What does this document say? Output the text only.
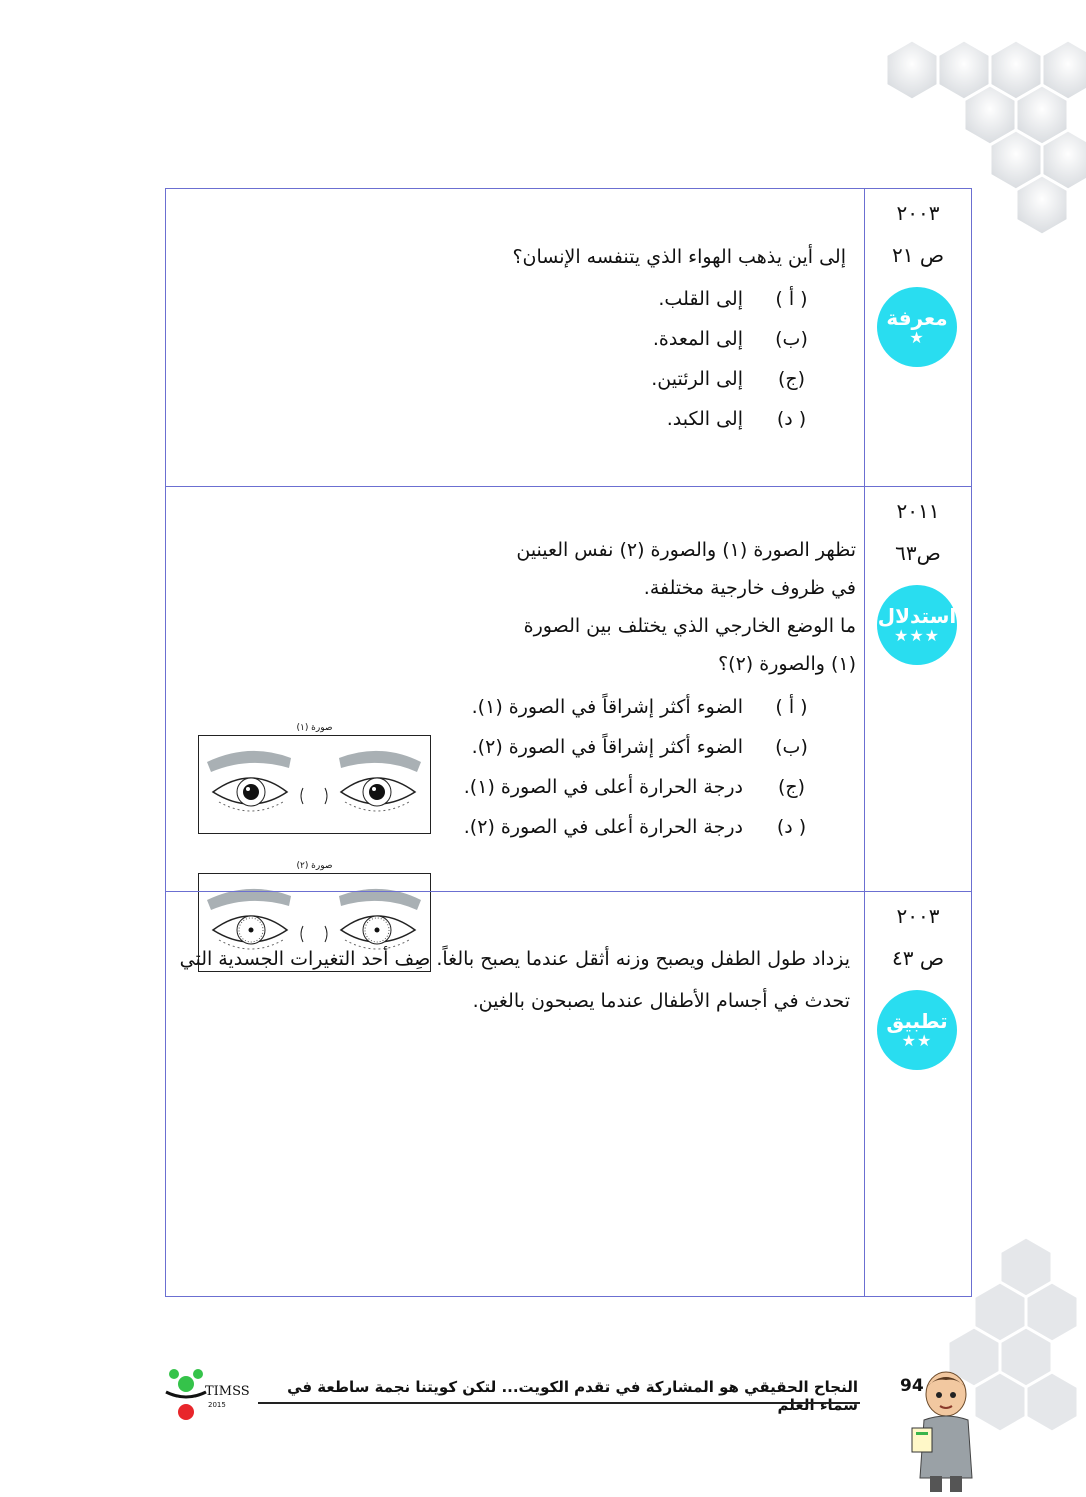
٢٠٠٣
ص ٢١
معرفة
★
إلى أين يذهب الهواء الذي يتنفسه الإنسان؟
( أ )
إلى القلب.
(ب)
إلى المعدة.
(ج)
إلى الرئتين.
( د)
إلى الكبد.
٢٠١١
ص٦٣
استدلال
★★★
تظهر الصورة (١) والصورة (٢) نفس العينين
في ظروف خارجية مختلفة.
ما الوضع الخارجي الذي يختلف بين الصورة
(١) والصورة (٢)؟
( أ )
الضوء أكثر إشراقاً في الصورة (١).
(ب)
الضوء أكثر إشراقاً في الصورة (٢).
(ج)
درجة الحرارة أعلى في الصورة (١).
( د)
درجة الحرارة أعلى في الصورة (٢).
صورة (١)
صورة (٢)
٢٠٠٣
ص ٤٣
تطبيق
★★
يزداد طول الطفل ويصبح وزنه أثقل عندما يصبح بالغاً. صِف أحد التغيرات الجسدية التي تحدث في أجسام الأطفال عندما يصبحون بالغين.
TIMSS
2015
النجاح الحقيقي هو المشاركة في تقدم الكويت... لتكن كويتنا نجمة ساطعة في سماء العلم
94
